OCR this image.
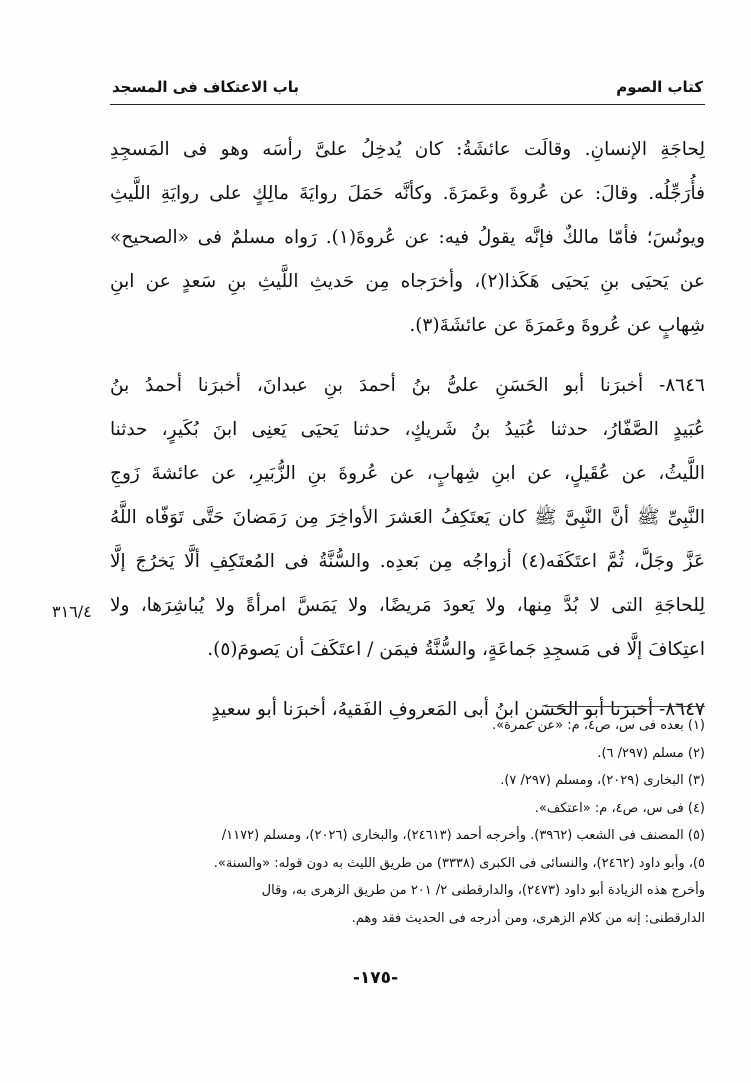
كتاب الصوم
باب الاعتكاف فى المسجد
لِحاجَةِ الإنسانِ. وقالَت عائشَةُ: كان يُدخِلُ علىَّ رأسَه وهو فى المَسجِدِ
فأُرَجِّلُه. وقالَ: عن عُروةَ وعَمرَةَ. وكأنَّه حَمَلَ روايَةَ مالِكٍ على روايَةِ اللَّيثِ
ويونُسَ؛ فأمّا مالكٌ فإنَّه يقولُ فيه: عن عُروةَ(١). رَواه مسلمٌ فى «الصحيح»
عن يَحيَى بنِ يَحيَى هَكَذا(٢)، وأخرَجاه مِن حَديثِ اللَّيثِ بنِ سَعدٍ عن ابنِ
شِهابٍ عن عُروةَ وعَمرَةَ عن عائشَةَ(٣).
٨٦٤٦- أخبرَنا أبو الحَسَنِ علىُّ بنُ أحمدَ بنِ عبدانَ، أخبرَنا أحمدُ بنُ
عُبَيدٍ الصَّفّارُ، حدثنا عُبَيدُ بنُ شَريكٍ، حدثنا يَحيَى يَعنِى ابنَ بُكَيرٍ، حدثنا
اللَّيثُ، عن عُقَيلٍ، عن ابنِ شِهابٍ، عن عُروةَ بنِ الزُّبَيرِ، عن عائشةَ زَوجِ
النَّبِىِّ ﷺ أنَّ النَّبِىَّ ﷺ كان يَعتَكِفُ العَشرَ الأواخِرَ مِن رَمَضانَ حَتَّى تَوَفّاه اللَّهُ
عَزَّ وجَلَّ، ثُمَّ اعتَكَفَه(٤) أزواجُه مِن بَعدِه. والسُّنَّةُ فى المُعتَكِفِ ألَّا يَخرُجَ إلَّا
لِلحاجَةِ التى لا بُدَّ مِنها، ولا يَعودَ مَريضًا، ولا يَمَسَّ امرأةً ولا يُباشِرَها، ولا
اعتِكافَ إلَّا فى مَسجِدِ جَماعَةٍ، والسُّنَّةُ فيمَن / اعتَكَفَ أن يَصومَ(٥).
٨٦٤٧- أخبرَنا أبو الحَسَنِ ابنُ أبى المَعروفِ الفَقيهُ، أخبرَنا أبو سعيدٍ
٣١٦/٤
(١) بعده فى س، ص٤، م: «عن عمرة».
(٢) مسلم (٢٩٧/ ٦).
(٣) البخارى (٢٠٢٩)، ومسلم (٢٩٧/ ٧).
(٤) فى س، ص٤، م: «اعتكف».
(٥) المصنف فى الشعب (٣٩٦٢). وأخرجه أحمد (٢٤٦١٣)، والبخارى (٢٠٢٦)، ومسلم (١١٧٢/
٥)، وأبو داود (٢٤٦٢)، والنسائى فى الكبرى (٣٣٣٨) من طريق الليث به دون قوله: «والسنة».
وأخرج هذه الزيادة أبو داود (٢٤٧٣)، والدارقطنى ٢/ ٢٠١ من طريق الزهرى به، وقال
الدارقطنى: إنه من كلام الزهرى، ومن أدرجه فى الحديث فقد وهم.
-١٧٥-
